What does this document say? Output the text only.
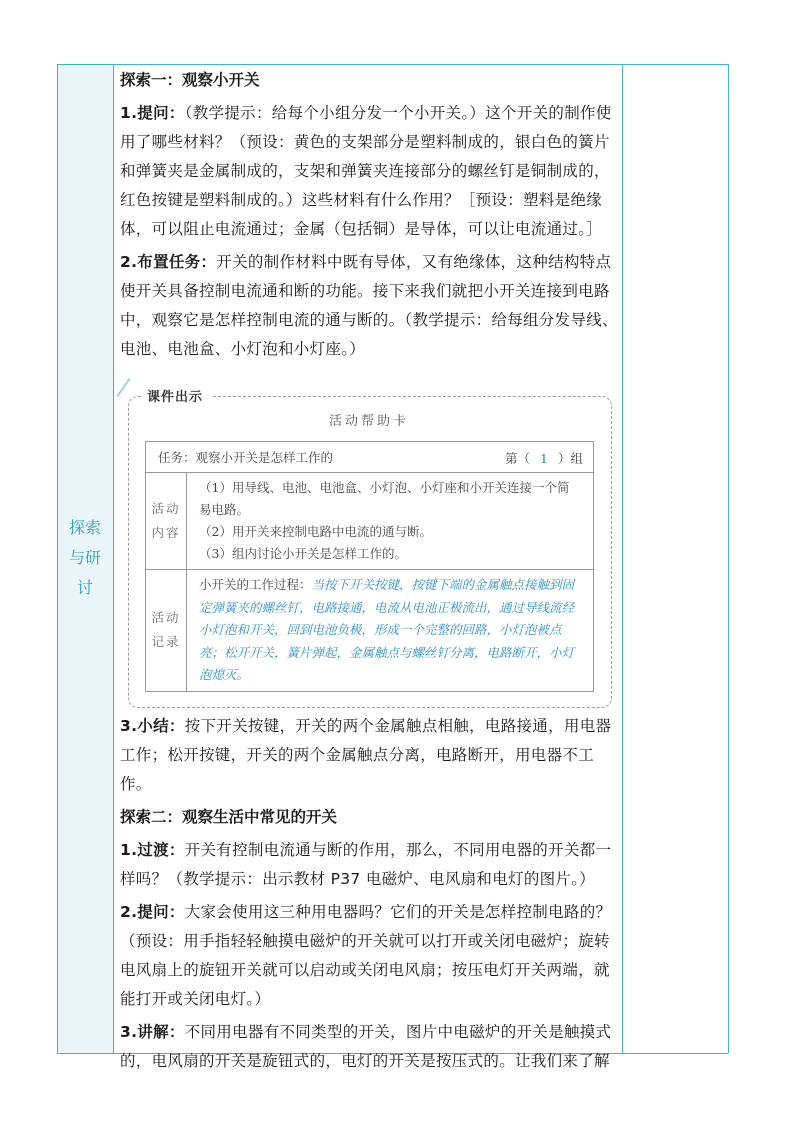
探索与研讨

探索一：观察小开关

1.提问：（教学提示：给每个小组分发一个小开关。）这个开关的制作使用了哪些材料？（预设：黄色的支架部分是塑料制成的，银白色的簧片和弹簧夹是金属制成的，支架和弹簧夹连接部分的螺丝钉是铜制成的，红色按键是塑料制成的。）这些材料有什么作用？［预设：塑料是绝缘体，可以阻止电流通过；金属（包括铜）是导体，可以让电流通过。］

2.布置任务：开关的制作材料中既有导体，又有绝缘体，这种结构特点使开关具备控制电流通和断的功能。接下来我们就把小开关连接到电路中，观察它是怎样控制电流的通与断的。（教学提示：给每组分发导线、电池、电池盒、小灯泡和小灯座。）

课件出示
活动帮助卡
任务：观察小开关是怎样工作的 第（ 1 ）组	

活动内容	（1）用导线、电池、电池盒、小灯泡、小灯座和小开关连接一个简易电路。
（2）用开关来控制电路中电流的通与断。
（3）组内讨论小开关是怎样工作的。

活动记录	小开关的工作过程：当按下开关按键，按键下端的金属触点接触到固定弹簧夹的螺丝钉，电路接通，电流从电池正极流出，通过导线流经小灯泡和开关，回到电池负极，形成一个完整的回路，小灯泡被点亮；松开开关，簧片弹起，金属触点与螺丝钉分离，电路断开，小灯泡熄灭。

3.小结：按下开关按键，开关的两个金属触点相触，电路接通，用电器工作；松开按键，开关的两个金属触点分离，电路断开，用电器不工作。

探索二：观察生活中常见的开关

1.过渡：开关有控制电流通与断的作用，那么，不同用电器的开关都一样吗？（教学提示：出示教材 P37 电磁炉、电风扇和电灯的图片。）

2.提问：大家会使用这三种用电器吗？它们的开关是怎样控制电路的？（预设：用手指轻轻触摸电磁炉的开关就可以打开或关闭电磁炉；旋转电风扇上的旋钮开关就可以启动或关闭电风扇；按压电灯开关两端，就能打开或关闭电灯。）

3.讲解：不同用电器有不同类型的开关，图片中电磁炉的开关是触摸式的，电风扇的开关是旋钮式的，电灯的开关是按压式的。让我们来了解
